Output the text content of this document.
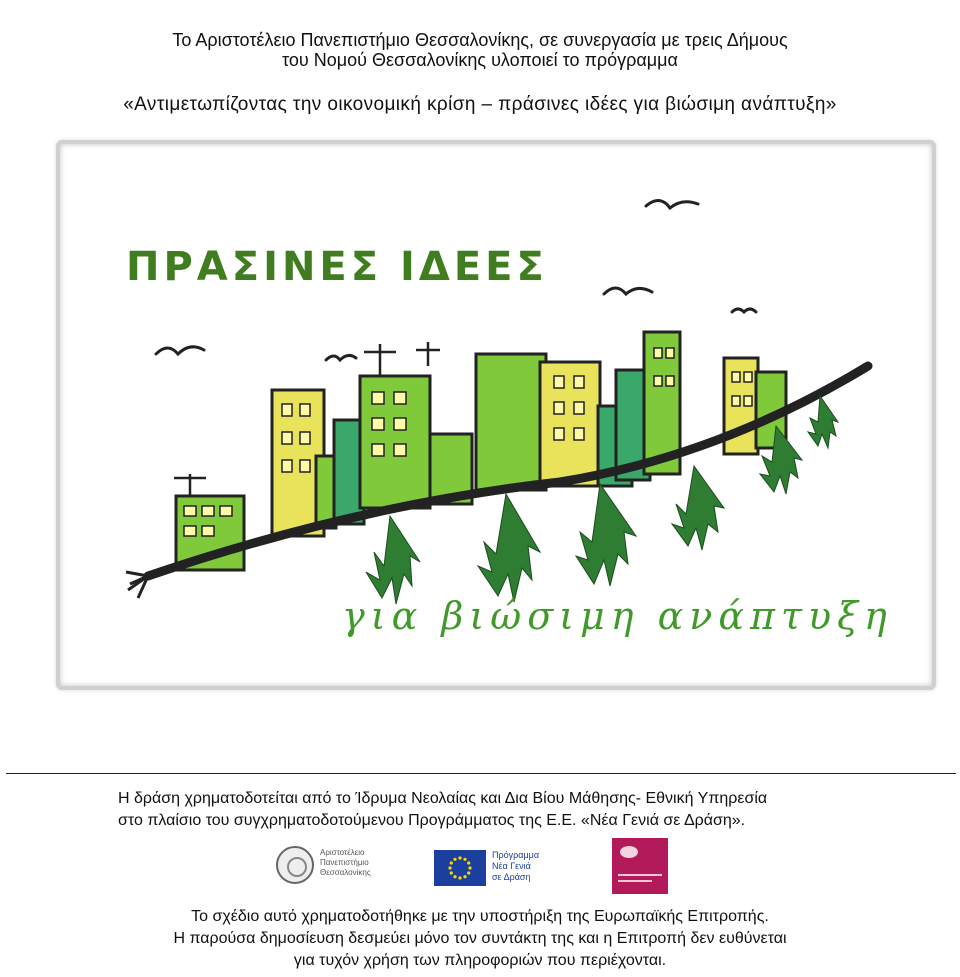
Το Αριστοτέλειο Πανεπιστήμιο Θεσσαλονίκης, σε συνεργασία με τρεις Δήμους
του Νομού Θεσσαλονίκης υλοποιεί το πρόγραμμα
«Αντιμετωπίζοντας την οικονομική κρίση – πράσινες ιδέες για βιώσιμη ανάπτυξη»
ΠΡΑΣΙΝΕΣ ΙΔΕΕΣ
για βιώσιμη ανάπτυξη
Η δράση χρηματοδοτείται από το Ίδρυμα Νεολαίας και Δια Βίου Μάθησης- Εθνική Υπηρεσία
στο πλαίσιο του συγχρηματοδοτούμενου Προγράμματος της Ε.Ε. «Νέα Γενιά σε Δράση».
Αριστοτέλειο
Πανεπιστήμιο
Θεσσαλονίκης
Πρόγραμμα
Νέα Γενιά
σε Δράση
Το σχέδιο αυτό χρηματοδοτήθηκε με την υποστήριξη της Ευρωπαϊκής Επιτροπής.
Η παρούσα δημοσίευση δεσμεύει μόνο τον συντάκτη της και η Επιτροπή δεν ευθύνεται
για τυχόν χρήση των πληροφοριών που περιέχονται.
